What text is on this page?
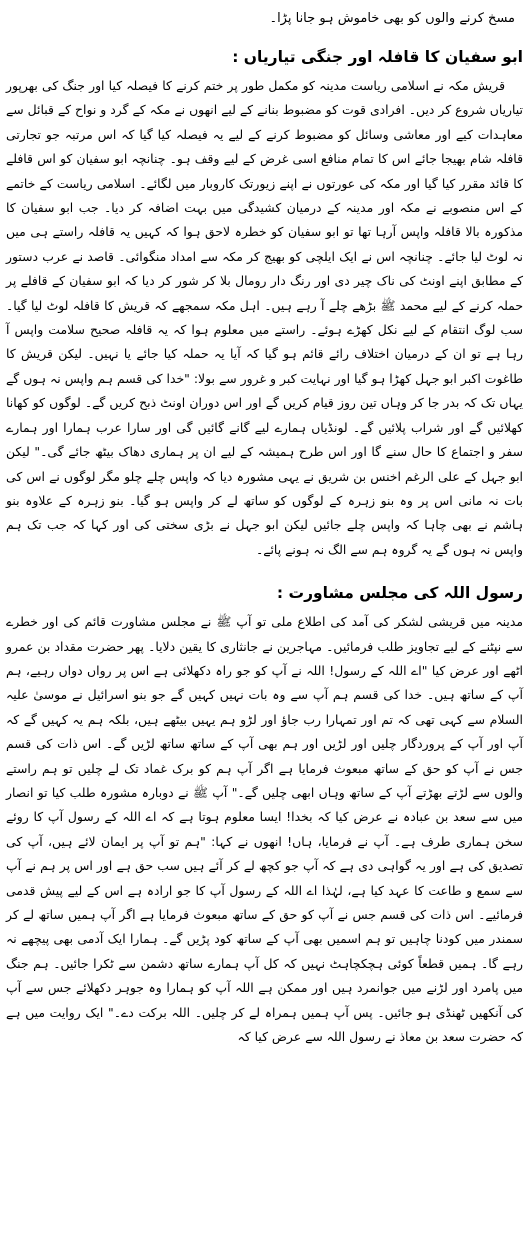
مسخ کرنے والوں کو بھی خاموش ہو جانا پڑا۔
ابو سفیان کا قافلہ اور جنگی تیاریاں :

قریش مکہ نے اسلامی ریاست مدینہ کو مکمل طور پر ختم کرنے کا فیصلہ کیا اور جنگ کی بھرپور تیاریاں شروع کر دیں۔ افرادی قوت کو مضبوط بنانے کے لیے انھوں نے مکہ کے گرد و نواح کے قبائل سے معاہدات کیے اور معاشی وسائل کو مضبوط کرنے کے لیے یہ فیصلہ کیا گیا کہ اس مرتبہ جو تجارتی قافلہ شام بھیجا جائے اس کا تمام منافع اسی غرض کے لیے وقف ہو۔ چنانچہ ابو سفیان کو اس قافلے کا قائد مقرر کیا گیا اور مکہ کی عورتوں نے اپنے زیورتک کاروبار میں لگائے۔ اسلامی ریاست کے خاتمے کے اس منصوبے نے مکہ اور مدینہ کے درمیان کشیدگی میں بہت اضافہ کر دیا۔ جب ابو سفیان کا مذکورہ بالا قافلہ واپس آرہا تھا تو ابو سفیان کو خطرہ لاحق ہوا کہ کہیں یہ قافلہ راستے ہی میں نہ لوٹ لیا جائے۔ چنانچہ اس نے ایک ایلچی کو بھیج کر مکہ سے امداد منگوائی۔ قاصد نے عرب دستور کے مطابق اپنے اونٹ کی ناک چیر دی اور رنگ دار رومال بلا کر شور کر دیا کہ ابو سفیان کے قافلے پر حملہ کرنے کے لیے محمد ﷺ بڑھے چلے آ رہے ہیں۔ اہل مکہ سمجھے کہ قریش کا قافلہ لوٹ لیا گیا۔ سب لوگ انتقام کے لیے نکل کھڑے ہوئے۔ راستے میں معلوم ہوا کہ یہ قافلہ صحیح سلامت واپس آ رہا ہے تو ان کے درمیان اختلاف رائے قائم ہو گیا کہ آیا یہ حملہ کیا جائے یا نہیں۔ لیکن قریش کا طاغوت اکبر ابو جہل کھڑا ہو گیا اور نہایت کبر و غرور سے بولا: "خدا کی قسم ہم واپس نہ ہوں گے یہاں تک کہ بدر جا کر وہاں تین روز قیام کریں گے اور اس دوران اونٹ ذبح کریں گے۔ لوگوں کو کھانا کھلائیں گے اور شراب پلائیں گے۔ لونڈیاں ہمارے لیے گانے گائیں گی اور سارا عرب ہمارا اور ہمارے سفر و اجتماع کا حال سنے گا اور اس طرح ہمیشہ کے لیے ان پر ہماری دھاک بیٹھ جائے گی۔" لیکن ابو جہل کے علی الرغم اخنس بن شریق نے یہی مشورہ دیا کہ واپس چلے چلو مگر لوگوں نے اس کی بات نہ مانی اس پر وہ بنو زہرہ کے لوگوں کو ساتھ لے کر واپس ہو گیا۔ بنو زہرہ کے علاوہ بنو ہاشم نے بھی چاہا کہ واپس چلے جائیں لیکن ابو جہل نے بڑی سختی کی اور کہا کہ جب تک ہم واپس نہ ہوں گے یہ گروہ ہم سے الگ نہ ہونے پائے۔

رسول اللہ کی مجلس مشاورت :

مدینہ میں قریشی لشکر کی آمد کی اطلاع ملی تو آپ ﷺ نے مجلس مشاورت قائم کی اور خطرے سے نپٹنے کے لیے تجاویز طلب فرمائیں۔ مہاجرین نے جانثاری کا یقین دلایا۔ پھر حضرت مقداد بن عمرو اٹھے اور عرض کیا "اے اللہ کے رسول! اللہ نے آپ کو جو راہ دکھلائی ہے اس پر رواں دواں رہیے، ہم آپ کے ساتھ ہیں۔ خدا کی قسم ہم آپ سے وہ بات نہیں کہیں گے جو بنو اسرائیل نے موسیٰ علیہ السلام سے کہی تھی کہ تم اور تمہارا رب جاؤ اور لڑو ہم یہیں بیٹھے ہیں، بلکہ ہم یہ کہیں گے کہ آپ اور آپ کے پروردگار چلیں اور لڑیں اور ہم بھی آپ کے ساتھ ساتھ لڑیں گے۔ اس ذات کی قسم جس نے آپ کو حق کے ساتھ مبعوث فرمایا ہے اگر آپ ہم کو برک غماد تک لے چلیں تو ہم راستے والوں سے لڑتے بھڑتے آپ کے ساتھ وہاں ابھی چلیں گے۔" آپ ﷺ نے دوبارہ مشورہ طلب کیا تو انصار میں سے سعد بن عبادہ نے عرض کیا کہ بخدا! ایسا معلوم ہوتا ہے کہ اے اللہ کے رسول آپ کا روئے سخن ہماری طرف ہے۔ آپ نے فرمایا، ہاں! انھوں نے کہا: "ہم تو آپ پر ایمان لائے ہیں، آپ کی تصدیق کی ہے اور یہ گواہی دی ہے کہ آپ جو کچھ لے کر آئے ہیں سب حق ہے اور اس پر ہم نے آپ سے سمع و طاعت کا عہد کیا ہے، لہٰذا اے اللہ کے رسول آپ کا جو ارادہ ہے اس کے لیے پیش قدمی فرمائیے۔ اس ذات کی قسم جس نے آپ کو حق کے ساتھ مبعوث فرمایا ہے اگر آپ ہمیں ساتھ لے کر سمندر میں کودنا چاہیں تو ہم اسمیں بھی آپ کے ساتھ کود پڑیں گے۔ ہمارا ایک آدمی بھی پیچھے نہ رہے گا۔ ہمیں قطعاً کوئی ہچکچاہٹ نہیں کہ کل آپ ہمارے ساتھ دشمن سے ٹکرا جائیں۔ ہم جنگ میں پامرد اور لڑنے میں جوانمرد ہیں اور ممکن ہے اللہ آپ کو ہمارا وہ جوہر دکھلائے جس سے آپ کی آنکھیں ٹھنڈی ہو جائیں۔ پس آپ ہمیں ہمراہ لے کر چلیں۔ اللہ برکت دے۔" ایک روایت میں ہے کہ حضرت سعد بن معاذ نے رسول اللہ سے عرض کیا کہ
